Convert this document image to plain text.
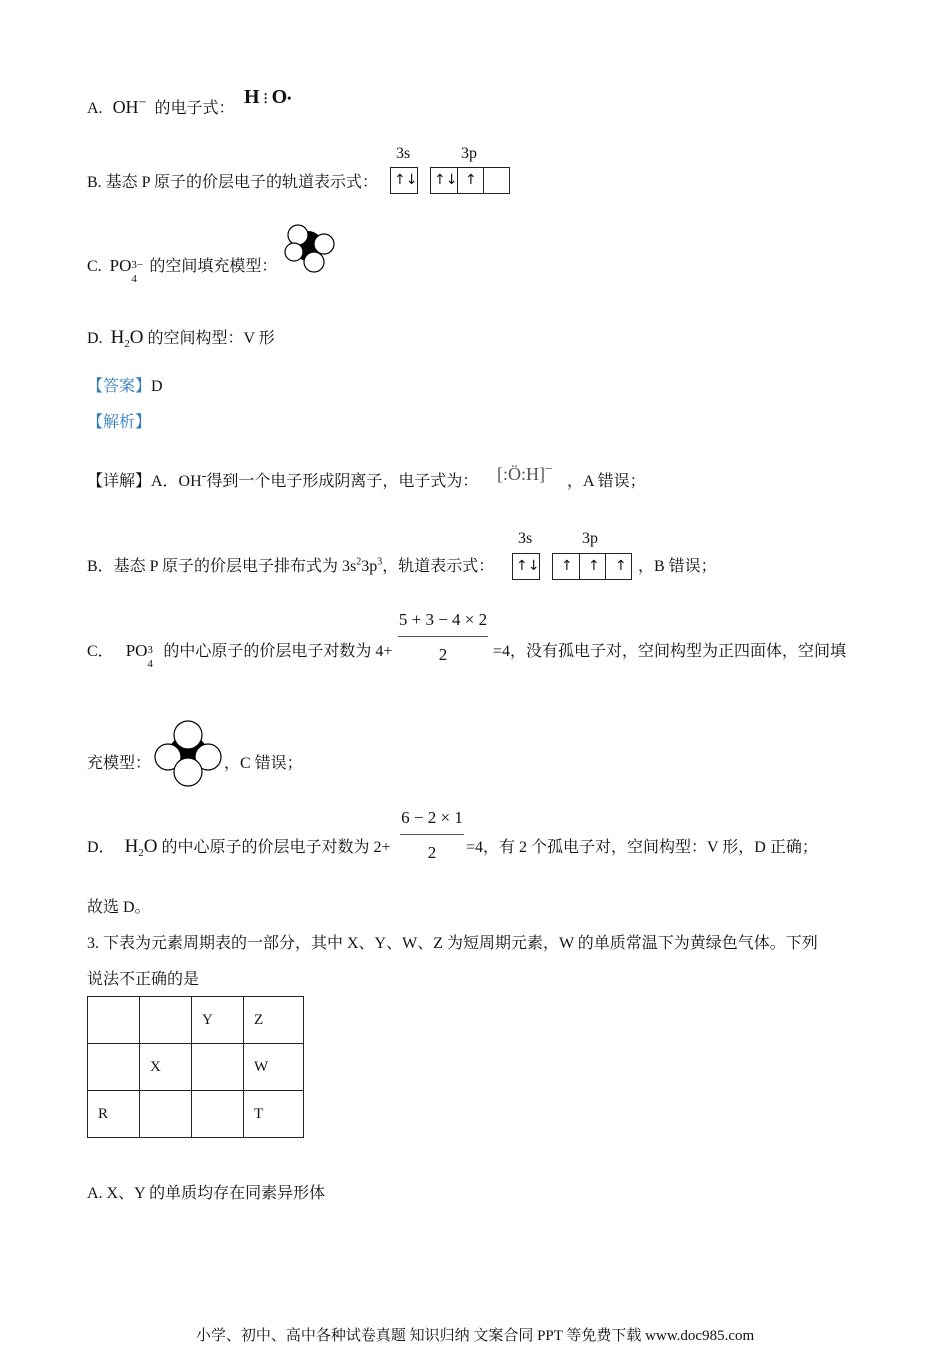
A. OH− 的电子式：
H⋮O•
B. 基态 P 原子的价层电子的轨道表示式：
3s	3p
↑↓ ↑↓ ↑
C. PO 3−
4
的空间填充模型：
D. $H_2O$ 的空间构型：V 形
【答案】D
【解析】
【详解】A．OH-得到一个电子形成阴离子，电子式为： [:Ö:H]−
，A 错误；
B．基态 P 原子的价层电子排布式为 $3s^23p^3$，轨道表示式：
3s	3p
↑↓ ↑ ↑ ↑ ，B 错误；
C． PO 3
4
的中心原子的价层电子对数为 4+
5 + 3 − 4 × 2
2	=4，没有孤电子对，空间构型为正四面体，空间填
充模型：	，C 错误；
D． $H_2O$ 的中心原子的价层电子对数为 2+
6 − 2 × 1
2	=4，有 2 个孤电子对，空间构型：V 形，D 正确；
故选 D。
3. 下表为元素周期表的一部分，其中 X、Y、W、Z 为短周期元素，W 的单质常温下为黄绿色气体。下列
说法不正确的是
		Y	Z
	X		W
R			T
A. X、Y 的单质均存在同素异形体
小学、初中、高中各种试卷真题 知识归纳 文案合同 PPT 等免费下载 www.doc985.com
